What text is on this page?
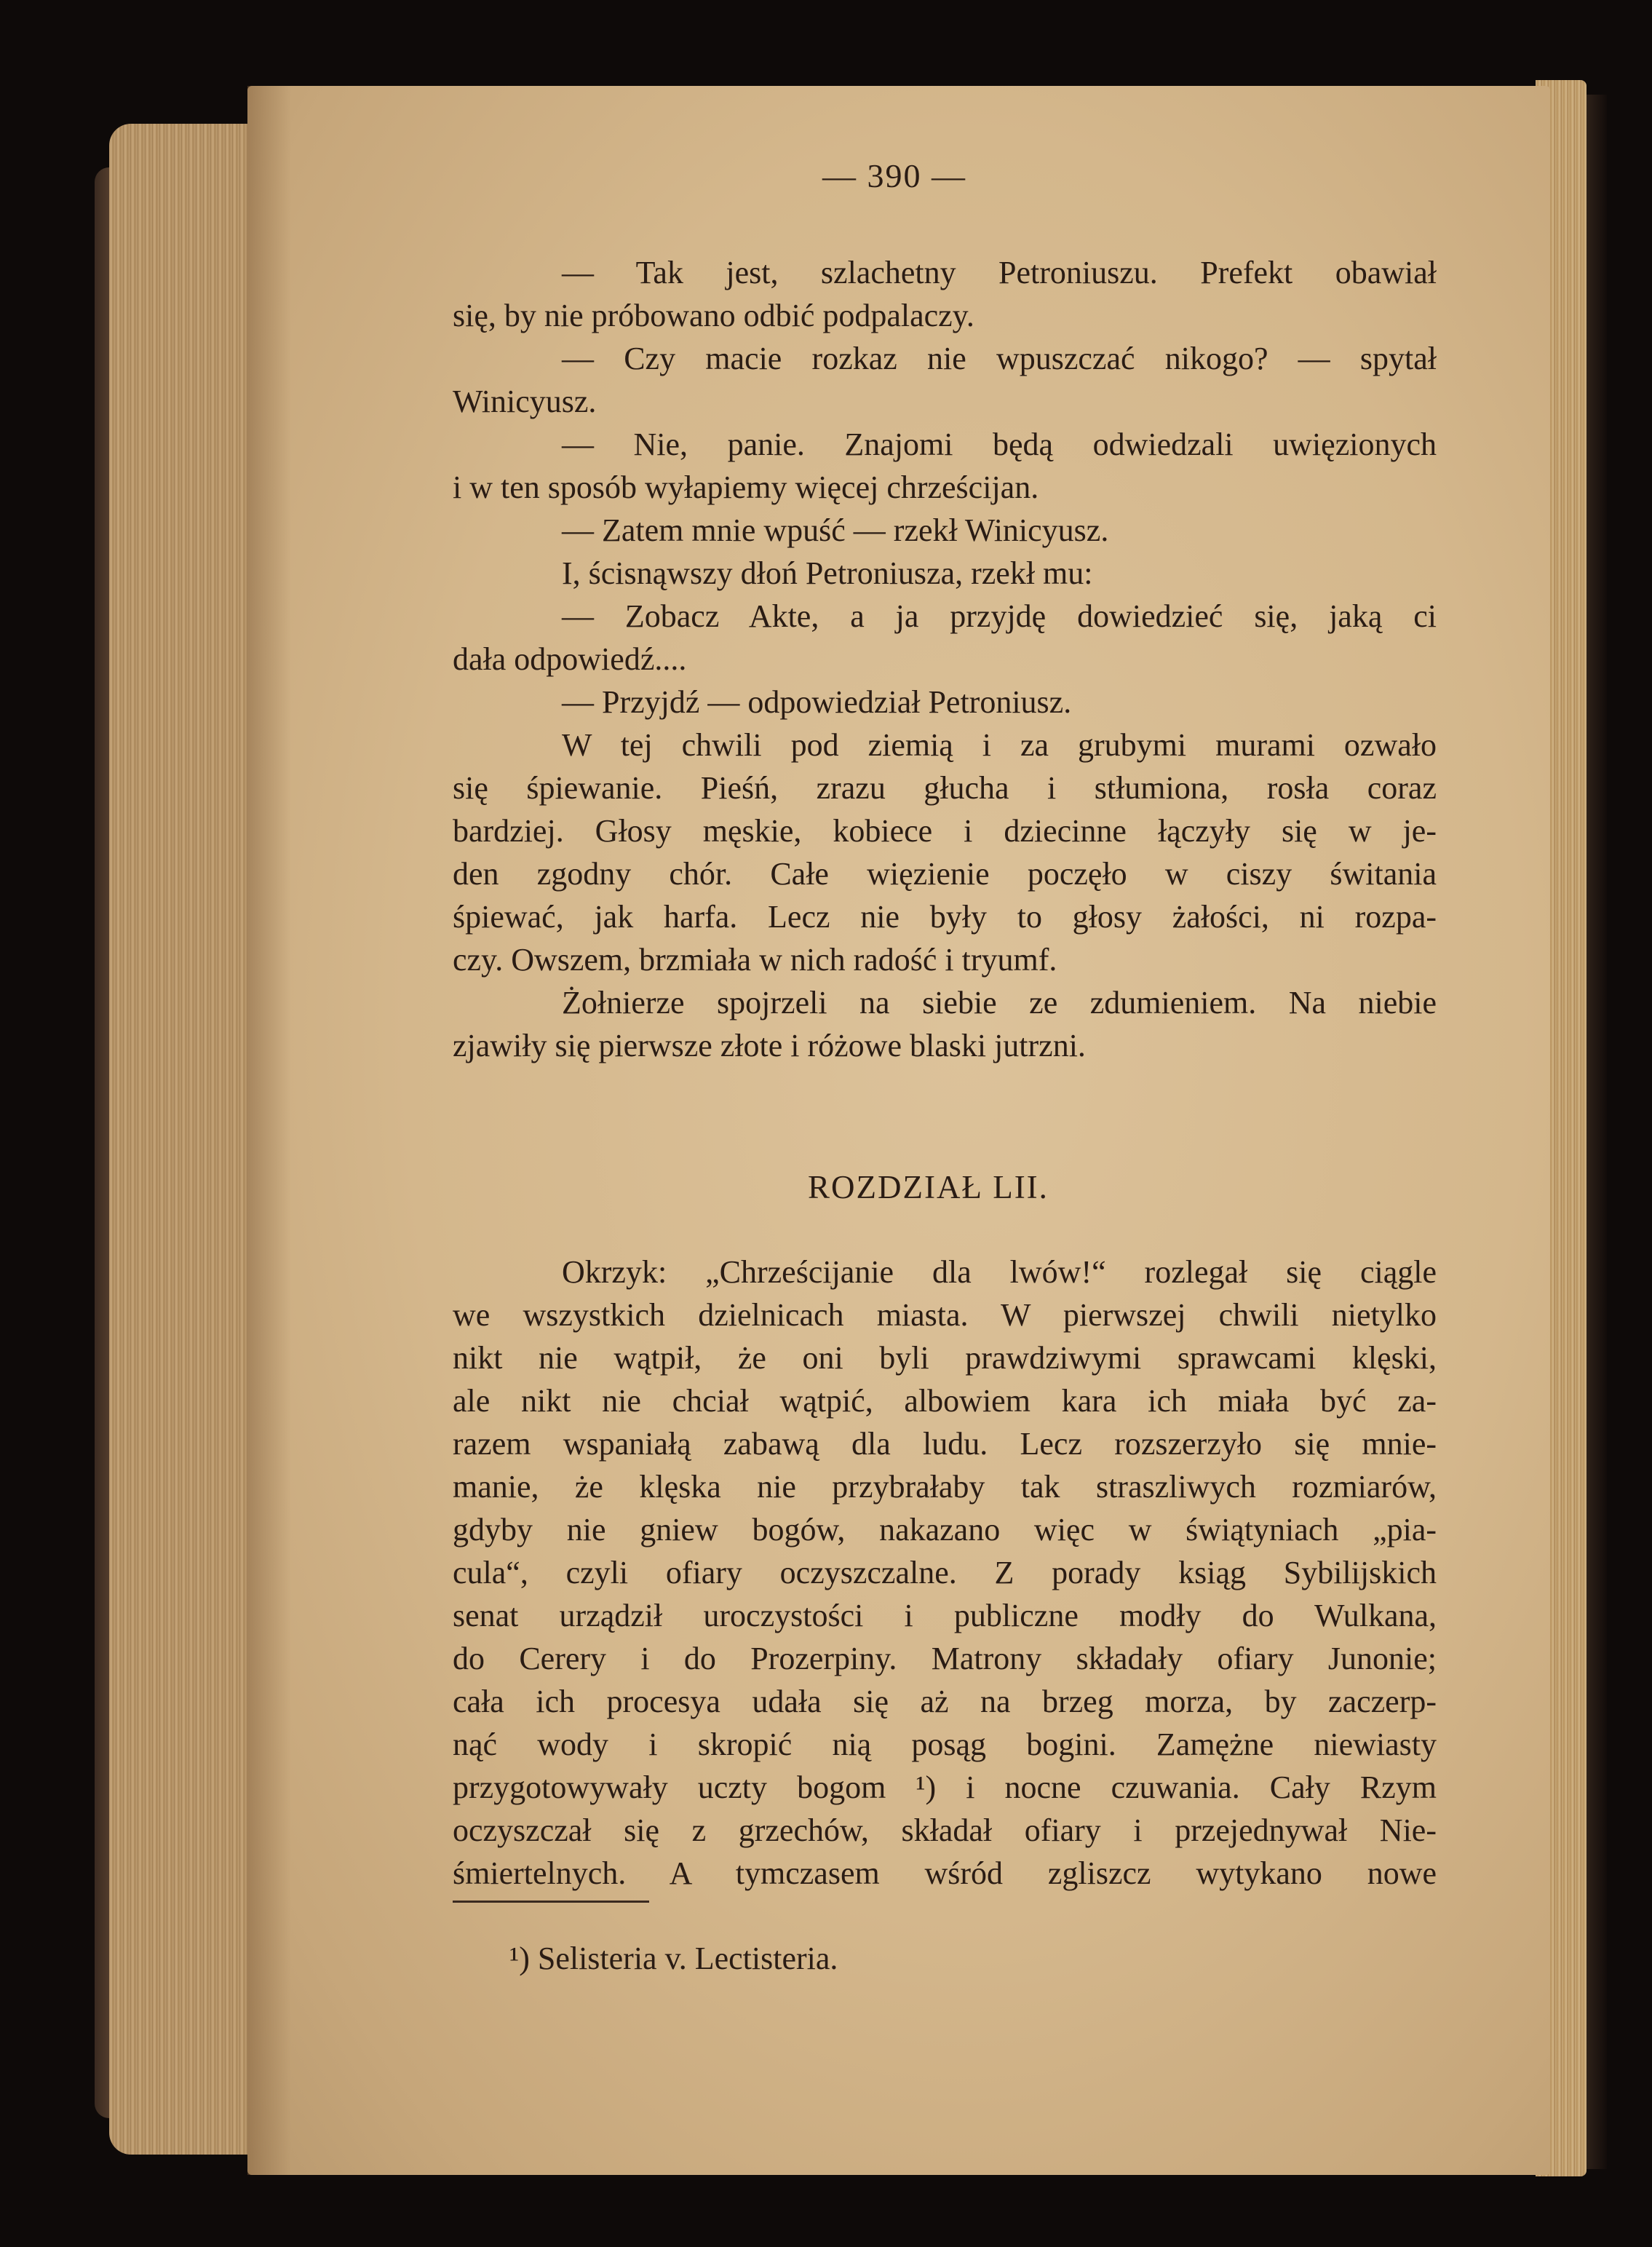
— 390 —
— Tak jest, szlachetny Petroniuszu. Prefekt obawiał
się, by nie próbowano odbić podpalaczy.
— Czy macie rozkaz nie wpuszczać nikogo? — spytał
Winicyusz.
— Nie, panie. Znajomi będą odwiedzali uwięzionych
i w ten sposób wyłapiemy więcej chrześcijan.
— Zatem mnie wpuść — rzekł Winicyusz.
I, ścisnąwszy dłoń Petroniusza, rzekł mu:
— Zobacz Akte, a ja przyjdę dowiedzieć się, jaką ci
dała odpowiedź....
— Przyjdź — odpowiedział Petroniusz.
W tej chwili pod ziemią i za grubymi murami ozwało
się śpiewanie. Pieśń, zrazu głucha i stłumiona, rosła coraz
bardziej. Głosy męskie, kobiece i dziecinne łączyły się w je-
den zgodny chór. Całe więzienie poczęło w ciszy świtania
śpiewać, jak harfa. Lecz nie były to głosy żałości, ni rozpa-
czy. Owszem, brzmiała w nich radość i tryumf.
Żołnierze spojrzeli na siebie ze zdumieniem. Na niebie
zjawiły się pierwsze złote i różowe blaski jutrzni.
ROZDZIAŁ LII.
Okrzyk: „Chrześcijanie dla lwów!“ rozlegał się ciągle
we wszystkich dzielnicach miasta. W pierwszej chwili nietylko
nikt nie wątpił, że oni byli prawdziwymi sprawcami klęski,
ale nikt nie chciał wątpić, albowiem kara ich miała być za-
razem wspaniałą zabawą dla ludu. Lecz rozszerzyło się mnie-
manie, że klęska nie przybrałaby tak straszliwych rozmiarów,
gdyby nie gniew bogów, nakazano więc w świątyniach „pia-
cula“, czyli ofiary oczyszczalne. Z porady ksiąg Sybilijskich
senat urządził uroczystości i publiczne modły do Wulkana,
do Cerery i do Prozerpiny. Matrony składały ofiary Junonie;
cała ich procesya udała się aż na brzeg morza, by zaczerp-
nąć wody i skropić nią posąg bogini. Zamężne niewiasty
przygotowywały uczty bogom ¹) i nocne czuwania. Cały Rzym
oczyszczał się z grzechów, składał ofiary i przejednywał Nie-
śmiertelnych. A tymczasem wśród zgliszcz wytykano nowe
¹) Selisteria v. Lectisteria.
